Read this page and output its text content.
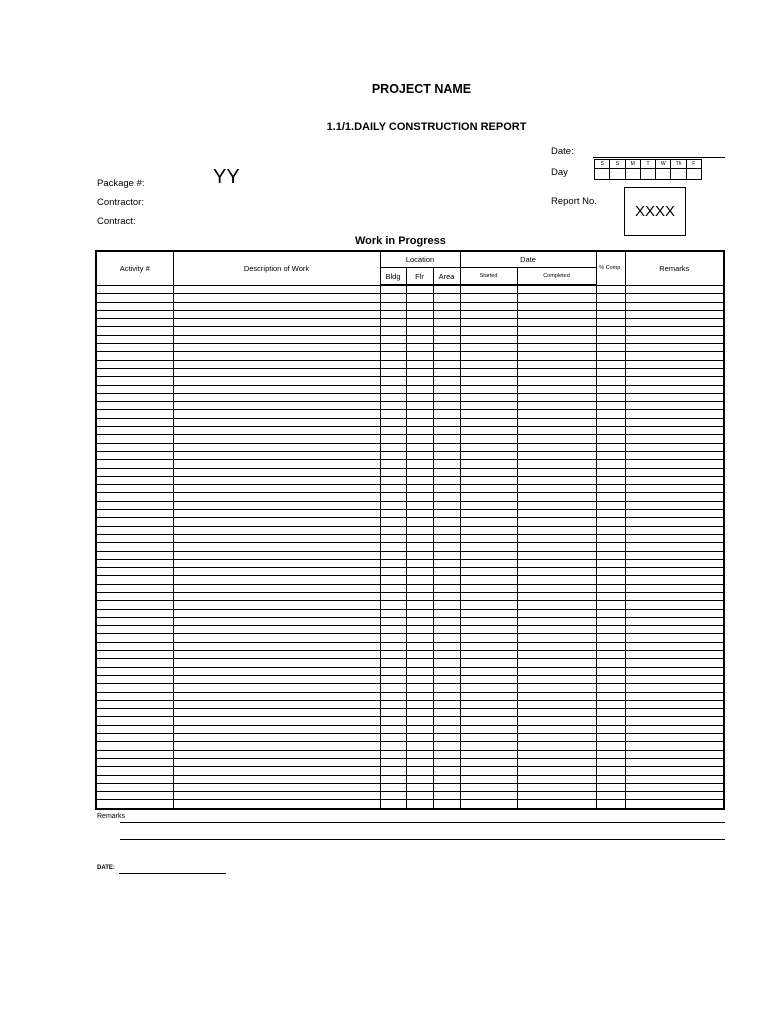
PROJECT NAME
1.1/1.DAILY CONSTRUCTION REPORT
Date:
Day
S	S	M	T	W	Th	F
Package #:	YY
Contractor:
Contract:
Report No.
XXXX
Work in Progress
Activity #	Description of Work	Location			Date		% Comp.	Remarks
		Bldg	Flr	Area	Started	Completed		

Remarks
DATE:
